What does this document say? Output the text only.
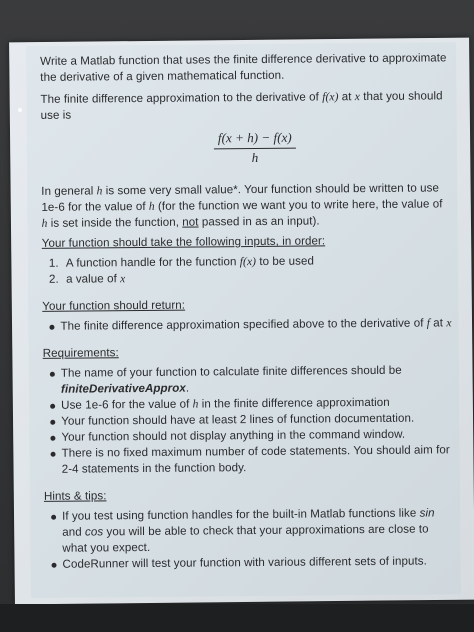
Write a Matlab function that uses the finite difference derivative to approximate the derivative of a given mathematical function.

The finite difference approximation to the derivative of f(x) at x that you should use is

f(x + h) − f(x)
h

In general h is some very small value*. Your function should be written to use 1e-6 for the value of h (for the function we want you to write here, the value of h is set inside the function, not passed in as an input).

Your function should take the following inputs, in order:

1. A function handle for the function f(x) to be used
2. a value of x

Your function should return:

The finite difference approximation specified above to the derivative of f at x

Requirements:

The name of your function to calculate finite differences should be finiteDerivativeApprox.
Use 1e-6 for the value of h in the finite difference approximation
Your function should have at least 2 lines of function documentation.
Your function should not display anything in the command window.
There is no fixed maximum number of code statements. You should aim for 2-4 statements in the function body.

Hints & tips:

If you test using function handles for the built-in Matlab functions like sin and cos you will be able to check that your approximations are close to what you expect.
CodeRunner will test your function with various different sets of inputs.
